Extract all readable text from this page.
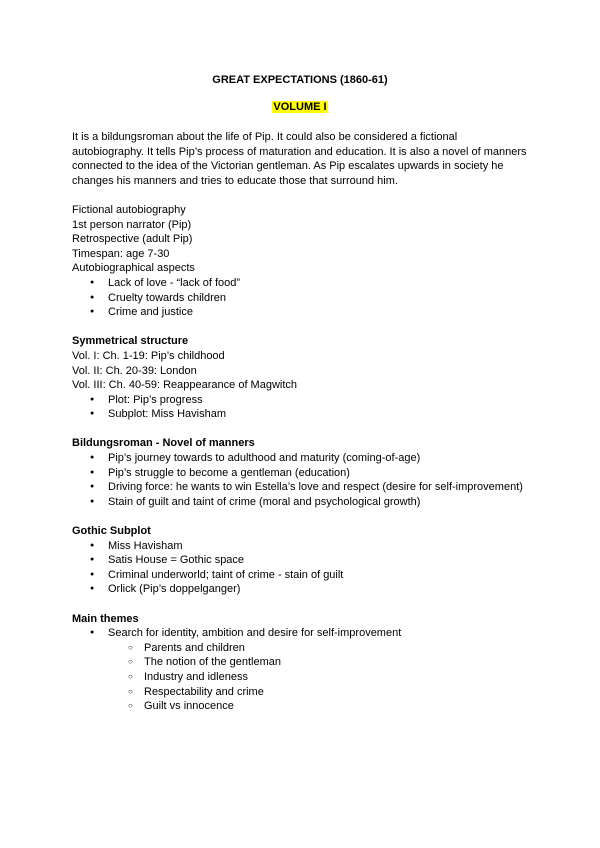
GREAT EXPECTATIONS (1860-61)
VOLUME I

It is a bildungsroman about the life of Pip. It could also be considered a fictional autobiography. It tells Pip’s process of maturation and education. It is also a novel of manners connected to the idea of the Victorian gentleman. As Pip escalates upwards in society he changes his manners and tries to educate those that surround him.

Fictional autobiography

1st person narrator (Pip)

Retrospective (adult Pip)

Timespan: age 7-30

Autobiographical aspects

● Lack of love - “lack of food”
● Cruelty towards children
● Crime and justice

Symmetrical structure

Vol. I: Ch. 1-19: Pip’s childhood

Vol. II: Ch. 20-39: London

Vol. III: Ch. 40-59: Reappearance of Magwitch

● Plot: Pip’s progress
● Subplot: Miss Havisham

Bildungsroman - Novel of manners

● Pip’s journey towards to adulthood and maturity (coming-of-age)
● Pip’s struggle to become a gentleman (education)
● Driving force: he wants to win Estella’s love and respect (desire for self-improvement)
● Stain of guilt and taint of crime (moral and psychological growth)

Gothic Subplot

● Miss Havisham
● Satis House = Gothic space
● Criminal underworld; taint of crime - stain of guilt
● Orlick (Pip’s doppelganger)

Main themes

● Search for identity, ambition and desire for self-improvement
○ Parents and children
○ The notion of the gentleman
○ Industry and idleness
○ Respectability and crime
○ Guilt vs innocence
